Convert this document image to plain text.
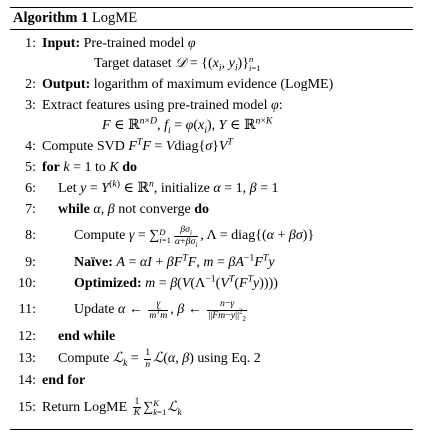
Algorithm 1 LogME
1: Input: Pre-trained model φ
Target dataset 𝒟 = {($x_i$, $y_i$)} n
i=1
2: Output: logarithm of maximum evidence (LogME)
3: Extract features using pre-trained model φ :
F ∈ ℝ$^{n\times D}$, $f_i = \varphi(x_i)$, Y ∈ ℝ$^{n\times K}$
4: Compute SVD $F^TF$ = $Vdiag\{\sigma\}V^T$
5: for
k = 1 to K
do
6:	Let $y = Y^{(k)}$ ∈ ℝ$^n$ , initialize α = 1, β = 1
7:	while
α, β not converge do
8:	Compute γ = ∑ D
$i=1 \frac{\beta\sigma_i}{\alpha+\beta\sigma_i}$ , Λ = diag{(α + βσ)}
9:	Naïve:
$A = \alpha I + \beta F^TF$, $m = \beta A^{-1}F^Ty$
10:	Optimized:
$m = \beta(V(\Lambda^{-1}(V^T(F^Ty))))$
11:	Update α ← $\frac{\gamma}{m^Tm}$ , β ← $\frac{n-\gamma}{||Fm-y||^2_2}$
12:	end while
13:	Compute ℒ$_k$ = $\frac{1}{n}$ ℒ(α, β) using Eq. 2
14: end for
15: Return LogME $\frac{1}{K}$ ∑ K
k=1 ℒ$_k$
